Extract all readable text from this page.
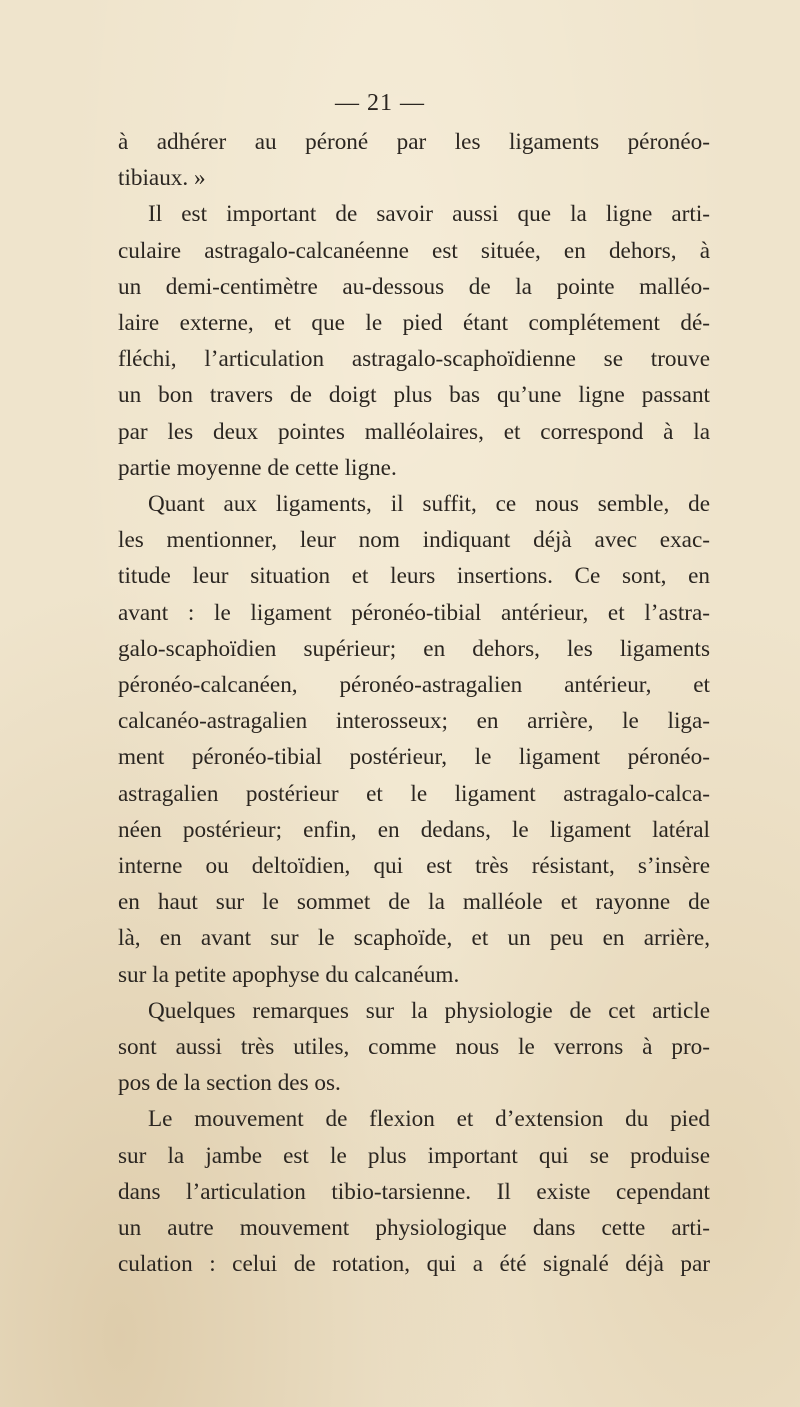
— 21 —
à adhérer au péroné par les ligaments péronéo-
tibiaux. »
Il est important de savoir aussi que la ligne arti-
culaire astragalo-calcanéenne est située, en dehors, à
un demi-centimètre au-dessous de la pointe malléo-
laire externe, et que le pied étant complétement dé-
fléchi, l’articulation astragalo-scaphoïdienne se trouve
un bon travers de doigt plus bas qu’une ligne passant
par les deux pointes malléolaires, et correspond à la
partie moyenne de cette ligne.
Quant aux ligaments, il suffit, ce nous semble, de
les mentionner, leur nom indiquant déjà avec exac-
titude leur situation et leurs insertions. Ce sont, en
avant : le ligament péronéo-tibial antérieur, et l’astra-
galo-scaphoïdien supérieur; en dehors, les ligaments
péronéo-calcanéen, péronéo-astragalien antérieur, et
calcanéo-astragalien interosseux; en arrière, le liga-
ment péronéo-tibial postérieur, le ligament péronéo-
astragalien postérieur et le ligament astragalo-calca-
néen postérieur; enfin, en dedans, le ligament latéral
interne ou deltoïdien, qui est très résistant, s’insère
en haut sur le sommet de la malléole et rayonne de
là, en avant sur le scaphoïde, et un peu en arrière,
sur la petite apophyse du calcanéum.
Quelques remarques sur la physiologie de cet article
sont aussi très utiles, comme nous le verrons à pro-
pos de la section des os.
Le mouvement de flexion et d’extension du pied
sur la jambe est le plus important qui se produise
dans l’articulation tibio-tarsienne. Il existe cependant
un autre mouvement physiologique dans cette arti-
culation : celui de rotation, qui a été signalé déjà par
